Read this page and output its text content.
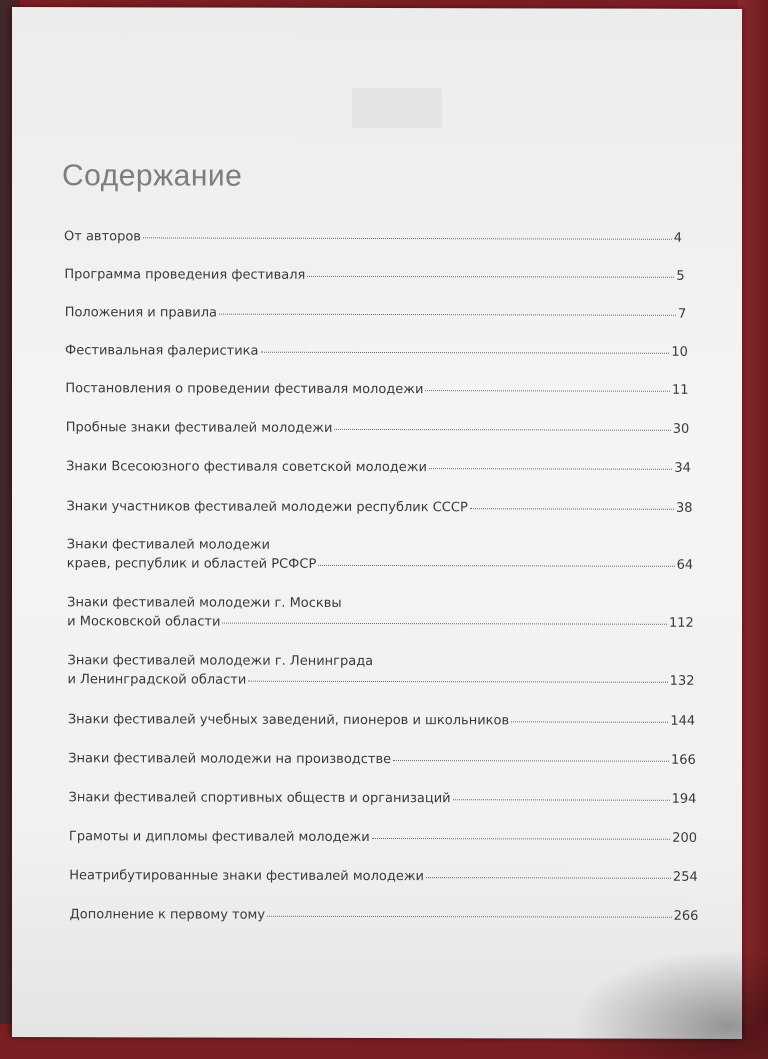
Содержание
От авторов	4
Программа проведения фестиваля	5
Положения и правила	7
Фестивальная фалеристика	10
Постановления о проведении фестиваля молодежи	11
Пробные знаки фестивалей молодежи	30
Знаки Всесоюзного фестиваля советской молодежи	34
Знаки участников фестивалей молодежи республик СССР	38
Знаки фестивалей молодежи
краев, республик и областей РСФСР	64
Знаки фестивалей молодежи г. Москвы
и Московской области	112
Знаки фестивалей молодежи г. Ленинграда
и Ленинградской области	132
Знаки фестивалей учебных заведений, пионеров и школьников	144
Знаки фестивалей молодежи на производстве	166
Знаки фестивалей спортивных обществ и организаций	194
Грамоты и дипломы фестивалей молодежи	200
Неатрибутированные знаки фестивалей молодежи	254
Дополнение к первому тому	266
